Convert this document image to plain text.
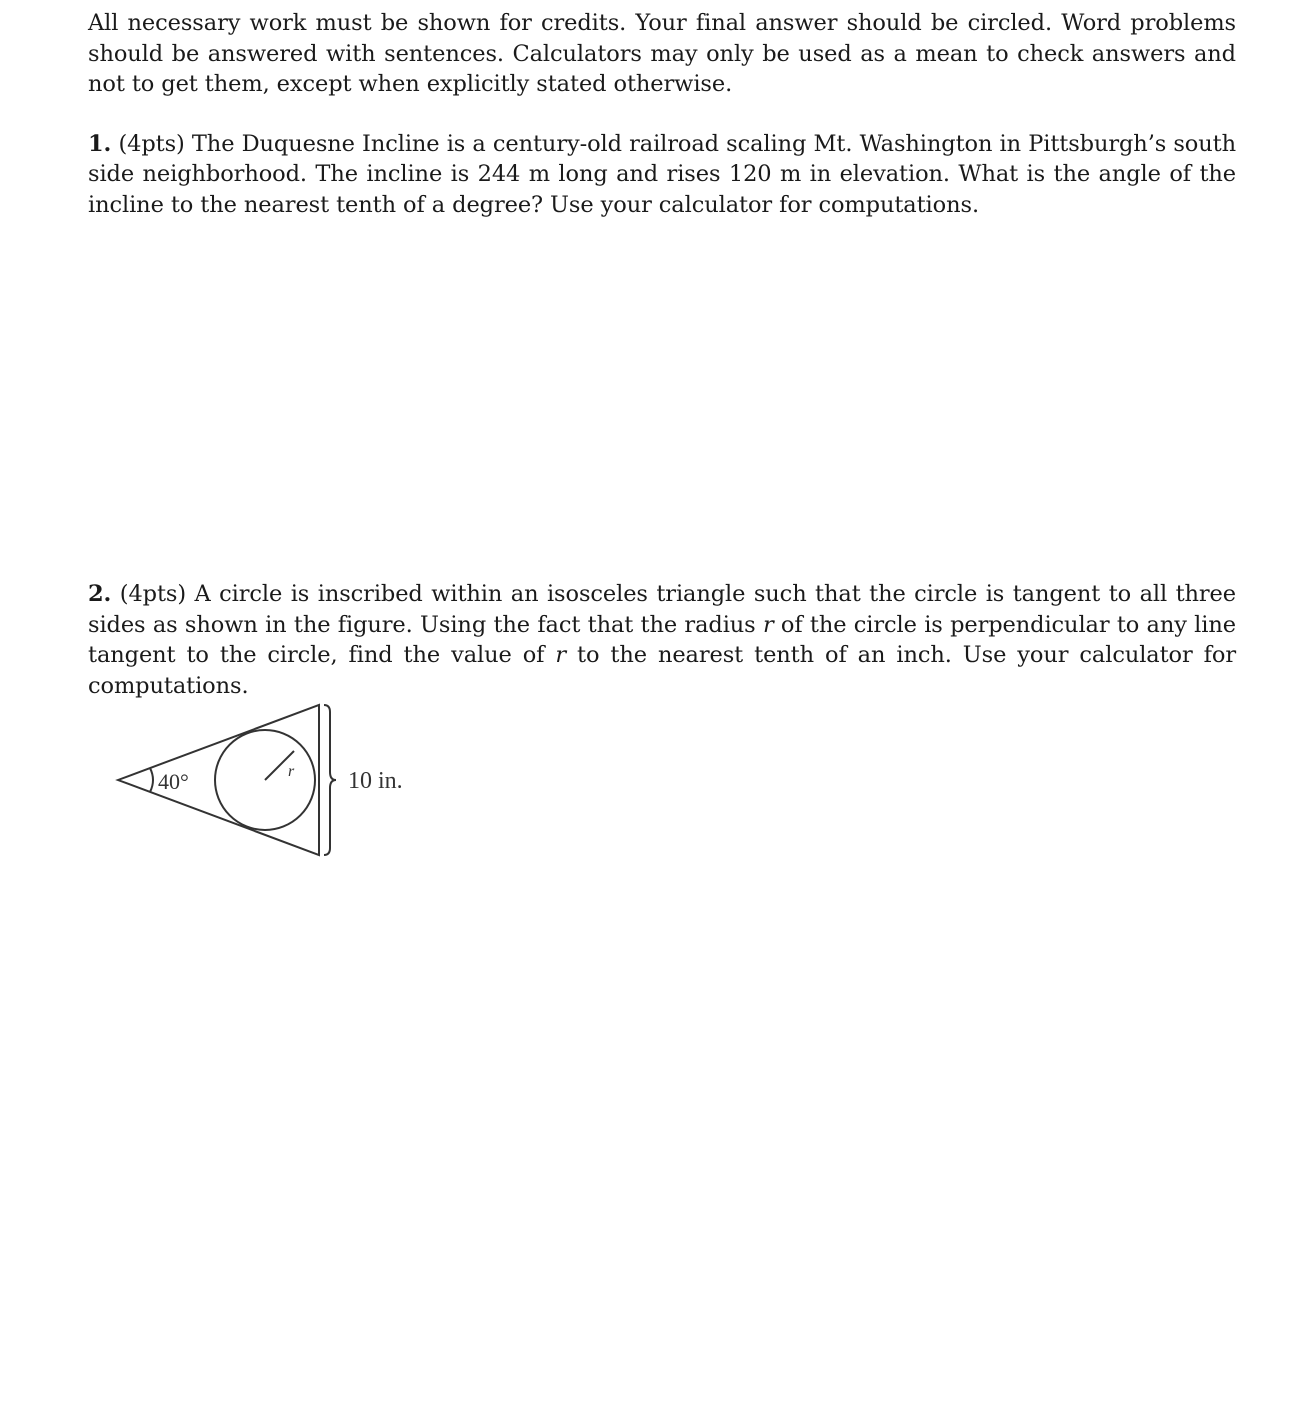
All necessary work must be shown for credits. Your final answer should be circled. Word problems should be answered with sentences. Calculators may only be used as a mean to check answers and not to get them, except when explicitly stated otherwise.

1. (4pts) The Duquesne Incline is a century-old railroad scaling Mt. Washington in Pittsburgh’s south side neighborhood. The incline is 244 m long and rises 120 m in elevation. What is the angle of the incline to the nearest tenth of a degree? Use your calculator for computations.

2. (4pts) A circle is inscribed within an isosceles triangle such that the circle is tangent to all three sides as shown in the figure. Using the fact that the radius r of the circle is perpendicular to any line tangent to the circle, find the value of r to the nearest tenth of an inch. Use your calculator for computations.

40°	r 10 in.
